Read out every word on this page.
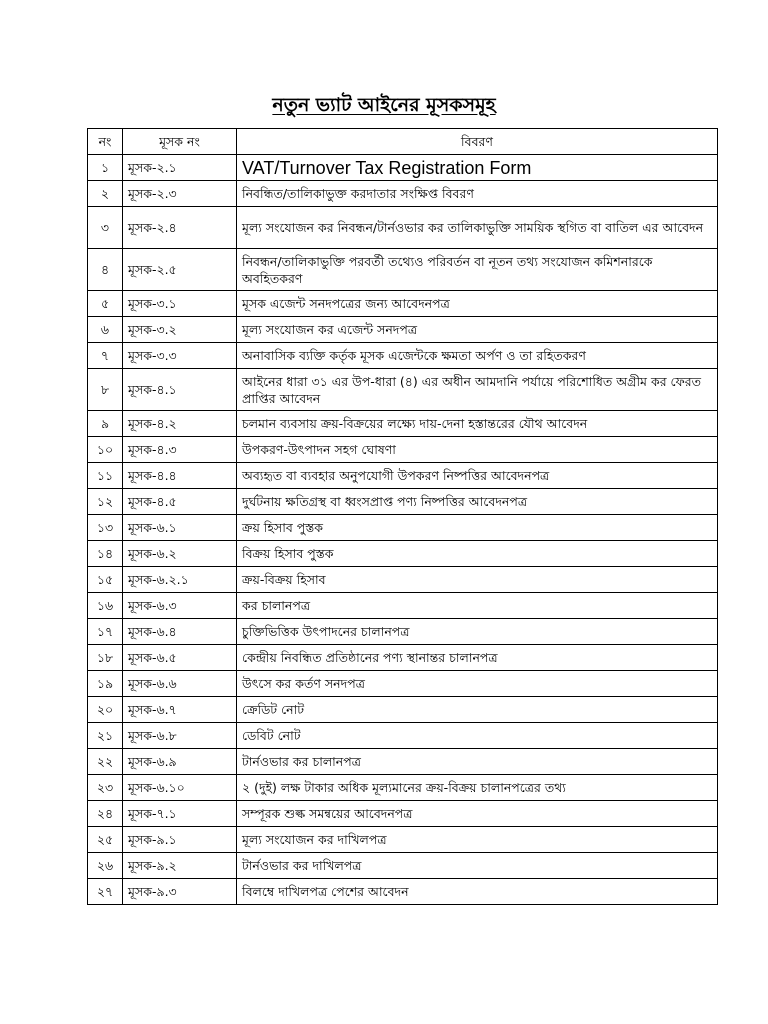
নতুন ভ্যাট আইনের মূসকসমূহ
নং	মূসক নং	বিবরণ
১	মূসক-২.১	VAT/Turnover Tax Registration Form
২	মূসক-২.৩	নিবন্ধিত/তালিকাভুক্ত করদাতার সংক্ষিপ্ত বিবরণ
৩	মূসক-২.৪	মূল্য সংযোজন কর নিবন্ধন/টার্নওভার কর তালিকাভুক্তি সাময়িক স্থগিত বা বাতিল এর আবেদন
৪	মূসক-২.৫	নিবন্ধন/তালিকাভুক্তি পরবর্তী তথ্যেও পরিবর্তন বা নূতন তথ্য সংযোজন কমিশনারকে অবহিতকরণ
৫	মূসক-৩.১	মূসক এজেন্ট সনদপত্রের জন্য আবেদনপত্র
৬	মূসক-৩.২	মূল্য সংযোজন কর এজেন্ট সনদপত্র
৭	মূসক-৩.৩	অনাবাসিক ব্যক্তি কর্তৃক মূসক এজেন্টকে ক্ষমতা অর্পণ ও তা রহিতকরণ
৮	মূসক-৪.১	আইনের ধারা ৩১ এর উপ-ধারা (৪) এর অধীন আমদানি পর্যায়ে পরিশোধিত অগ্রীম কর ফেরত প্রাপ্তির আবেদন
৯	মূসক-৪.২	চলমান ব্যবসায় ক্রয়-বিক্রয়ের লক্ষ্যে দায়-দেনা হস্তান্তরের যৌথ আবেদন
১০	মূসক-৪.৩	উপকরণ-উৎপাদন সহগ ঘোষণা
১১	মূসক-৪.৪	অব্যহৃত বা ব্যবহার অনুপযোগী উপকরণ নিষ্পত্তির আবেদনপত্র
১২	মূসক-৪.৫	দুর্ঘটনায় ক্ষতিগ্রস্থ বা ধ্বংসপ্রাপ্ত পণ্য নিষ্পত্তির আবেদনপত্র
১৩	মূসক-৬.১	ক্রয় হিসাব পুস্তক
১৪	মূসক-৬.২	বিক্রয় হিসাব পুস্তক
১৫	মূসক-৬.২.১	ক্রয়-বিক্রয় হিসাব
১৬	মূসক-৬.৩	কর চালানপত্র
১৭	মূসক-৬.৪	চুক্তিভিত্তিক উৎপাদনের চালানপত্র
১৮	মূসক-৬.৫	কেন্দ্রীয় নিবন্ধিত প্রতিষ্ঠানের পণ্য স্থানান্তর চালানপত্র
১৯	মূসক-৬.৬	উৎসে কর কর্তণ সনদপত্র
২০	মূসক-৬.৭	ক্রেডিট নোট
২১	মূসক-৬.৮	ডেবিট নোট
২২	মূসক-৬.৯	টার্নওভার কর চালানপত্র
২৩	মূসক-৬.১০	২ (দুই) লক্ষ টাকার অধিক মূল্যমানের ক্রয়-বিক্রয় চালানপত্রের তথ্য
২৪	মূসক-৭.১	সম্পূরক শুল্ক সমন্বয়ের আবেদনপত্র
২৫	মূসক-৯.১	মূল্য সংযোজন কর দাখিলপত্র
২৬	মূসক-৯.২	টার্নওভার কর দাখিলপত্র
২৭	মূসক-৯.৩	বিলম্বে দাখিলপত্র পেশের আবেদন
